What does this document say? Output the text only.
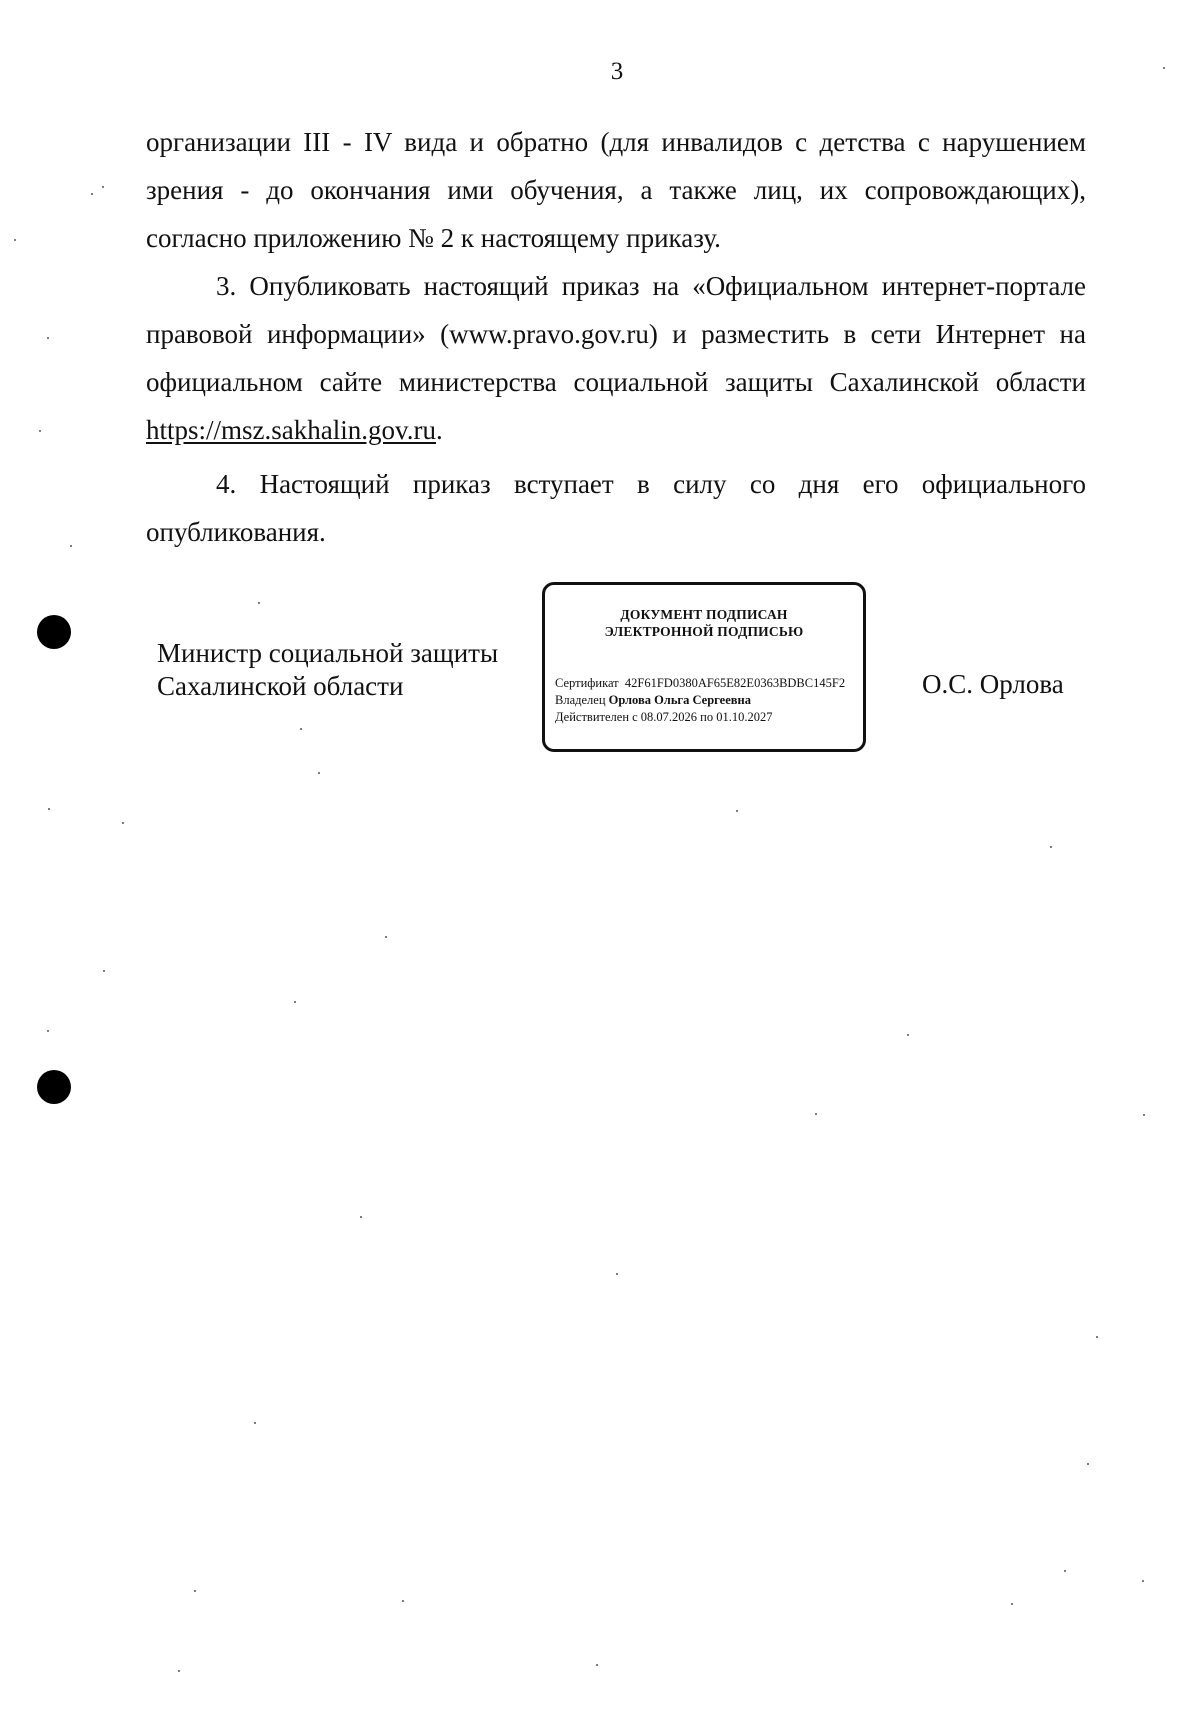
3

организации III - IV вида и обратно (для инвалидов с детства с нарушением зрения - до окончания ими обучения, а также лиц, их сопровождающих), согласно приложению № 2 к настоящему приказу.

3. Опубликовать настоящий приказ на «Официальном интернет-портале правовой информации» (www.pravo.gov.ru) и разместить в сети Интернет на официальном сайте министерства социальной защиты Сахалинской области https://msz.sakhalin.gov.ru.

4. Настоящий приказ вступает в силу со дня его официального опубликования.

Министр социальной защиты
Сахалинской области
ДОКУМЕНТ ПОДПИСАН
ЭЛЕКТРОННОЙ ПОДПИСЬЮ
Сертификат 42F61FD0380AF65E82E0363BDBC145F2
Владелец Орлова Ольга Сергеевна
Действителен с 08.07.2026 по 01.10.2027
О.С. Орлова
